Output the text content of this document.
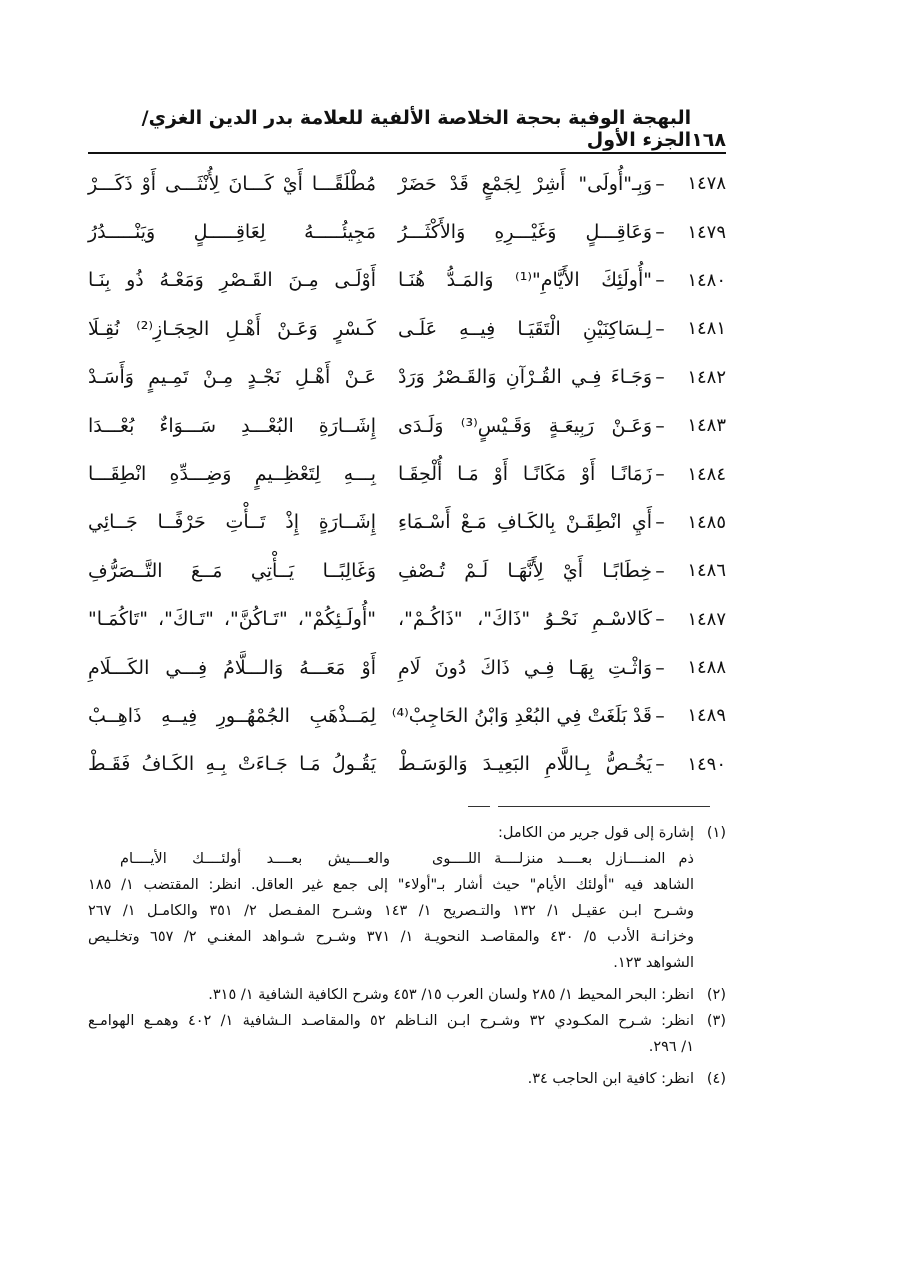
١٦٨
البهجة الوفية بحجة الخلاصة الألفية للعلامة بدر الدين الغزي/ الجزء الأول
١٤٧٨
–
وَبِـ"أُولَى" أَشِرْ لِجَمْعٍ قَدْ حَضَرْ
مُطْلَقًـــا أَيْ كَـــانَ لِأُنْثَـــى أَوْ ذَكَـــرْ
١٤٧٩
–
وَعَاقِـــلٍ وَغَيْـــرِهِ وَالأَكْثَـــرُ
مَجِيئُـــــهُ لِعَاقِـــــلٍ وَيَنْـــــدُرُ
١٤٨٠
–
"أُولَئِكَ الأَيَّامِ"⁽¹⁾ وَالمَـدُّ هُنَـا
أَوْلَـى مِـنَ القَـصْرِ وَمَعْـهُ ذُو بِنَـا
١٤٨١
–
لِـسَاكِنَيْنِ الْتَقَيَـا فِيــهِ عَلَـى
كَـسْرٍ وَعَـنْ أَهْـلِ الحِجَـازِ⁽²⁾ نُقِـلَا
١٤٨٢
–
وَجَـاءَ فِـي القُـرْآنِ وَالقَـصْرُ وَرَدْ
عَـنْ أَهْـلِ نَجْـدٍ مِـنْ تَمِـيمٍ وَأَسَـدْ
١٤٨٣
–
وَعَـنْ رَبِيعَـةٍ وَقَـيْسٍ⁽³⁾ وَلَـدَى
إِشَــارَةِ البُعْـــدِ سَـــوَاءٌ بُعْـــدَا
١٤٨٤
–
زَمَانًـا أَوْ مَكَانًـا أَوْ مَـا أُلْحِقَـا
بِـــهِ لِتَعْظِــيمٍ وَضِـــدِّهِ انْطِقَـــا
١٤٨٥
–
أَيِ انْطِقَـنْ بِالكَـافِ مَـعْ أَسْـمَاءِ
إِشَــارَةٍ إِذْ تَــأْتِ حَرْفًــا جَــائِي
١٤٨٦
–
خِطَابًـا أَيْ لِأَنَّهَـا لَـمْ تُـصْفِ
وَغَالِبًــا يَــأْتِي مَــعَ التَّــصَرُّفِ
١٤٨٧
–
كَالاسْـمِ نَحْـوُ "ذَاكَ"، "ذَاكُـمْ"،
"أُولَـئِكُمْ"، "تَـاكُنَّ"، "تَـاكَ"، "تَاكُمَـا"
١٤٨٨
–
وَاثْـتِ بِهَـا فِـي ذَاكَ دُونَ لَامِ
أَوْ مَعَـــهُ وَالـــلَّامُ فِـــي الكَـــلَامِ
١٤٨٩
–
قَدْ بَلَغَتْ فِي البُعْدِ وَابْنُ الحَاجِبْ⁽⁴⁾
لِمَــذْهَبِ الجُمْهُــورِ فِيــهِ ذَاهِــبْ
١٤٩٠
–
يَخُـصُّ بِـاللَّامِ البَعِيـدَ وَالوَسَـطْ
يَقُـولُ مَـا جَـاءَتْ بِـهِ الكَـافُ فَقَـطْ
(١)
إشارة إلى قول جرير من الكامل:
ذم المنــــازل بعــــد منزلــــة اللــــوى
والعــــيش بعــــد أولئــــك الأيــــام
الشاهد فيه "أولئك الأيام" حيث أشار بـ"أولاء" إلى جمع غير العاقل. انظر: المقتضب ١/ ١٨٥
وشـرح ابـن عقيـل ١/ ١٣٢ والتـصريح ١/ ١٤٣ وشـرح المفـصل ٢/ ٣٥١ والكامـل ١/ ٢٦٧
وخزانـة الأدب ٥/ ٤٣٠ والمقاصـد النحويـة ١/ ٣٧١ وشـرح شـواهد المغنـي ٢/ ٦٥٧ وتخلـيص
الشواهد ١٢٣.
(٢)
انظر: البحر المحيط ١/ ٢٨٥ ولسان العرب ١٥/ ٤٥٣ وشرح الكافية الشافية ١/ ٣١٥.
(٣)
انظر: شـرح المكـودي ٣٢ وشـرح ابـن النـاظم ٥٢ والمقاصـد الـشافية ١/ ٤٠٢ وهمـع الهوامـع
١/ ٢٩٦.
(٤)
انظر: كافية ابن الحاجب ٣٤.
